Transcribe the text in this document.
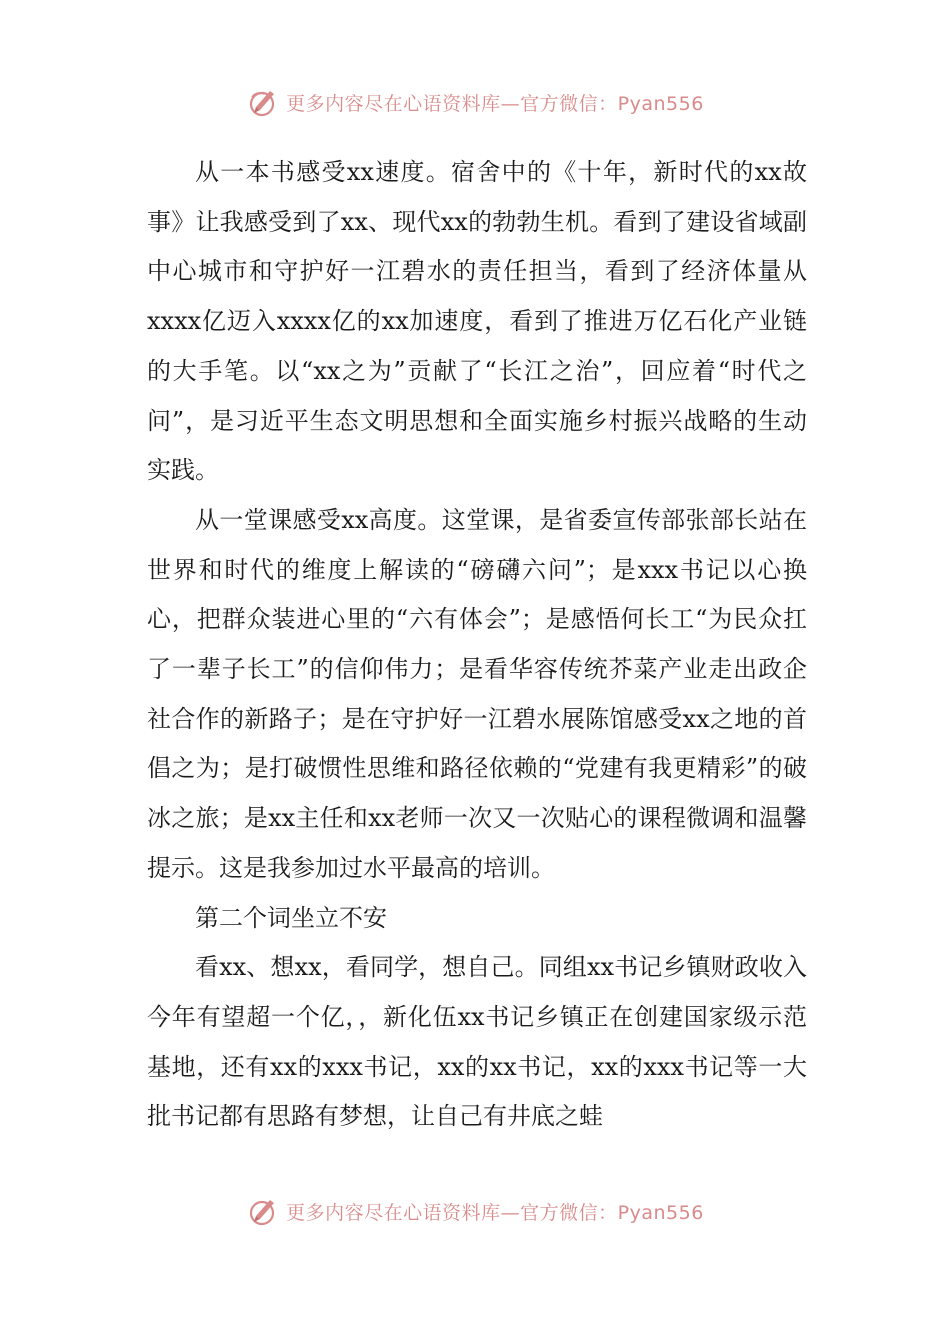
更多内容尽在心语资料库—官方微信：Pyan556

从一本书感受xx速度。宿舍中的《十年，新时代的xx故事》让我感受到了xx、现代xx的勃勃生机。看到了建设省域副中心城市和守护好一江碧水的责任担当，看到了经济体量从xxxx亿迈入xxxx亿的xx加速度，看到了推进万亿石化产业链的大手笔。以“xx之为”贡献了“长江之治”，回应着“时代之问”，是习近平生态文明思想和全面实施乡村振兴战略的生动实践。

从一堂课感受xx高度。这堂课，是省委宣传部张部长站在世界和时代的维度上解读的“磅礴六问”；是xxx书记以心换心，把群众装进心里的“六有体会”；是感悟何长工“为民众扛了一辈子长工”的信仰伟力；是看华容传统芥菜产业走出政企社合作的新路子；是在守护好一江碧水展陈馆感受xx之地的首倡之为；是打破惯性思维和路径依赖的“党建有我更精彩”的破冰之旅；是xx主任和xx老师一次又一次贴心的课程微调和温馨提示。这是我参加过水平最高的培训。

第二个词坐立不安

看xx、想xx，看同学，想自己。同组xx书记乡镇财政收入今年有望超一个亿，，新化伍xx书记乡镇正在创建国家级示范基地，还有xx的xxx书记，xx的xx书记，xx的xxx书记等一大批书记都有思路有梦想，让自己有井底之蛙

更多内容尽在心语资料库—官方微信：Pyan556
